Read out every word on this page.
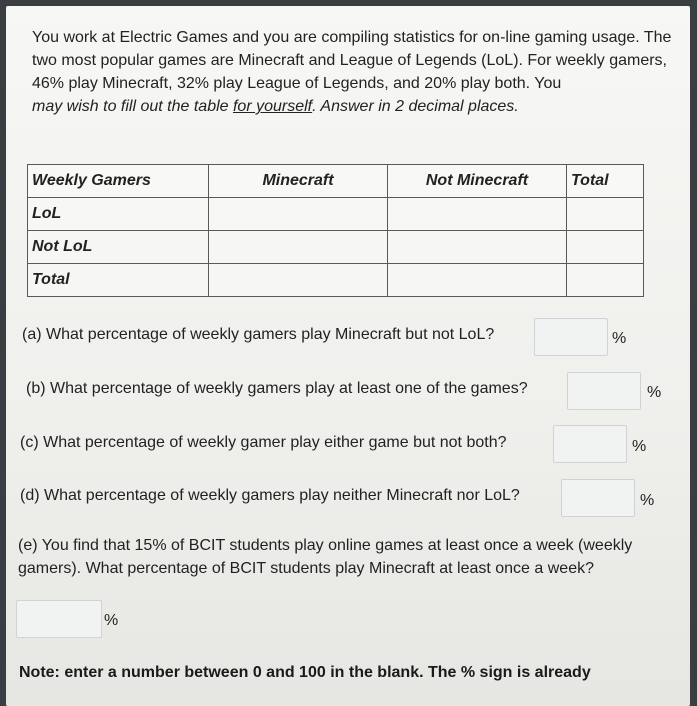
You work at Electric Games and you are compiling statistics for on-line gaming usage. The two most popular games are Minecraft and League of Legends (LoL). For weekly gamers, 46% play Minecraft, 32% play League of Legends, and 20% play both. You
may wish to fill out the table for yourself. Answer in 2 decimal places.
Weekly Gamers	Minecraft	Not Minecraft	Total
LoL			
Not LoL			
Total			
(a) What percentage of weekly gamers play Minecraft but not LoL?	%
(b) What percentage of weekly gamers play at least one of the games?	%
(c) What percentage of weekly gamer play either game but not both?	%
(d) What percentage of weekly gamers play neither Minecraft nor LoL?	%
(e) You find that 15% of BCIT students play online games at least once a week (weekly gamers). What percentage of BCIT students play Minecraft at least once a week?
%
Note: enter a number between 0 and 100 in the blank. The % sign is already
